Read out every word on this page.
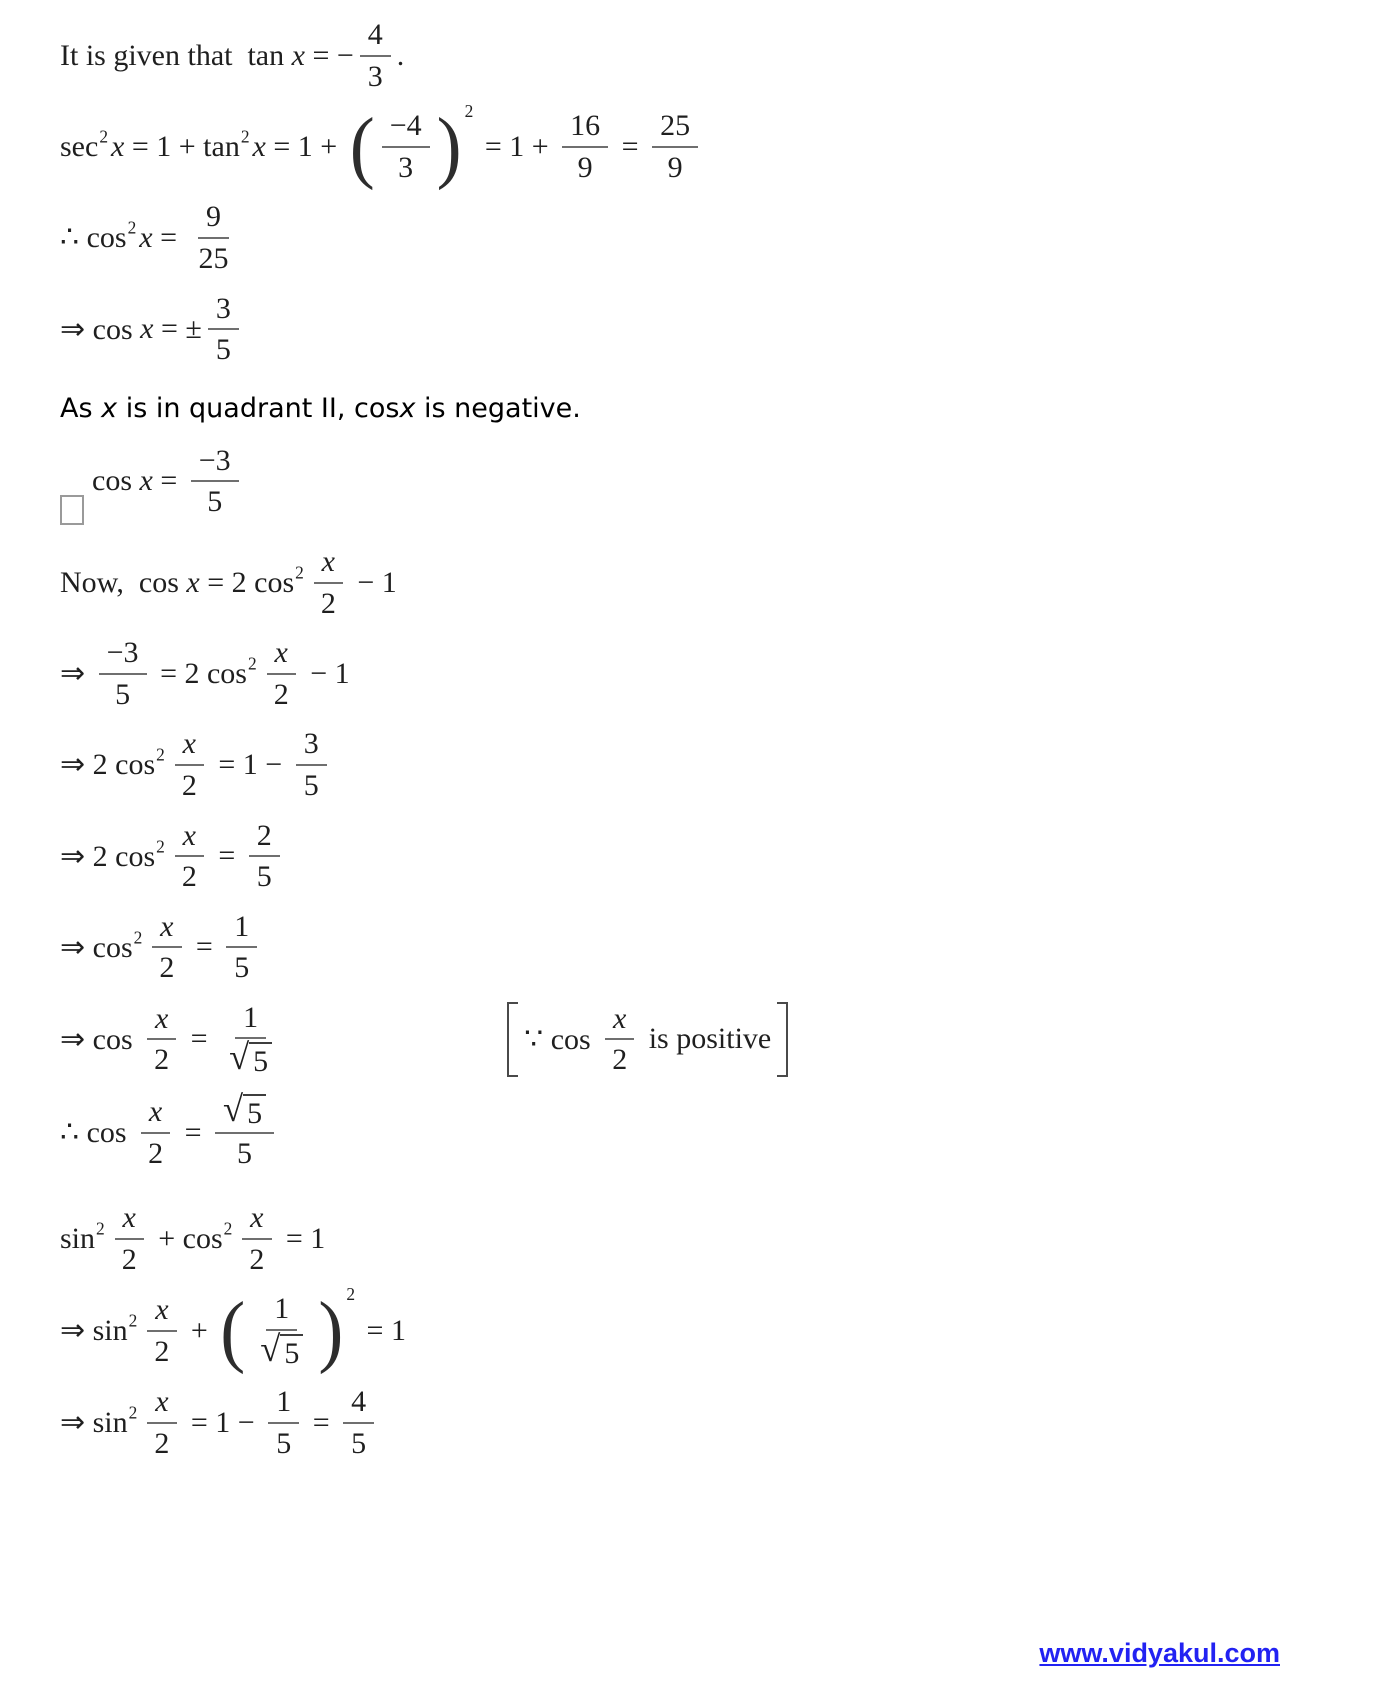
It is given that  tan x = − $\frac{4}{3}$ .
sec 2 x = 1 + tan 2 x = 1 + ( $\frac{-4}{3}$ ) 2
= $1 + \frac{16}{9} = \frac{25}{9}$
∴ cos 2 $x = \frac{9}{25}$
⇒ cos x = ± $\frac{3}{5}$
As x is in quadrant II, cos x is negative.
$\cos x = \frac{-3}{5}$
Now,  cos x = 2 $\cos 2 \frac{x}{2} - 1$
⇒ $\frac{-3}{5} = 2$ $\cos 2 \frac{x}{2} - 1$
⇒ 2 $\cos 2 \frac{x}{2} = 1 - \frac{3}{5}$
⇒ 2 $\cos 2 \frac{x}{2} = \frac{2}{5}$
⇒ $\cos 2 \frac{x}{2} = \frac{1}{5}$
⇒ $\cos \frac{x}{2} = \frac{1}{√ 5}$	∵ $\cos \frac{x}{2}$ is positive
∴ $\cos \frac{x}{2} = \frac{√ 5}{5}$
$\sin 2 \frac{x}{2} + \cos 2 \frac{x}{2} = 1$
⇒ $\sin 2 \frac{x}{2}$ + ( $\frac{1}{√ 5}$ ) 2
= 1
⇒ $\sin 2 \frac{x}{2} = 1 - \frac{1}{5} = \frac{4}{5}$
www.vidyakul.com
